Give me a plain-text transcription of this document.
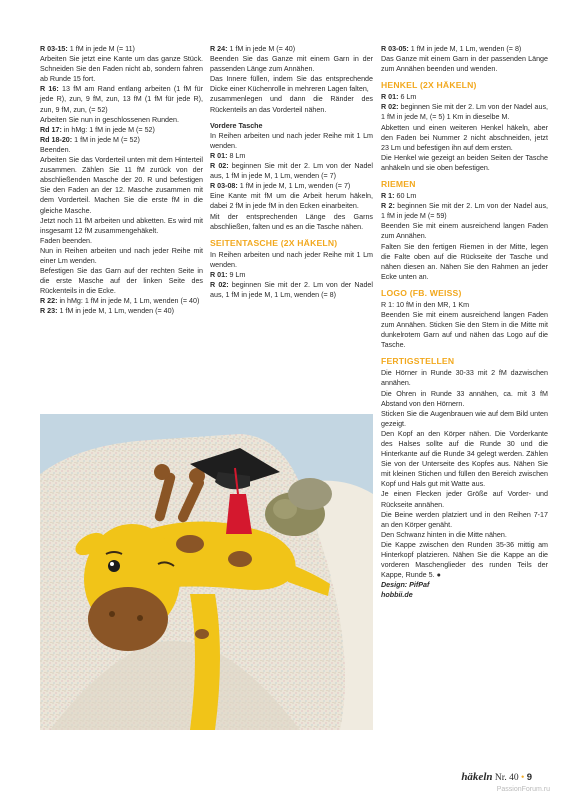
R 03-15: 1 fM in jede M (= 11)

Arbeiten Sie jetzt eine Kante um das ganze Stück. Schneiden Sie den Faden nicht ab, sondern fahren ab Runde 15 fort.

R 16: 13 fM am Rand entlang arbeiten (1 fM für jede R), zun, 9 fM, zun, 13 fM (1 fM für jede R), zun, 9 fM, zun, (= 52)

Arbeiten Sie nun in geschlossenen Runden.

Rd 17: in hMg: 1 fM in jede M (= 52)

Rd 18-20: 1 fM in jede M (= 52)

Beenden.

Arbeiten Sie das Vorderteil unten mit dem Hinterteil zusammen. Zählen Sie 11 fM zurück von der abschließenden Masche der 20. R und befestigen Sie den Faden an der 12. Masche zusammen mit dem Vorderteil. Machen Sie die erste fM in die gleiche Masche.

Jetzt noch 11 fM arbeiten und abketten. Es wird mit insgesamt 12 fM zusammengehäkelt.

Faden beenden.

Nun in Reihen arbeiten und nach jeder Reihe mit einer Lm wenden.

Befestigen Sie das Garn auf der rechten Seite in die erste Masche auf der linken Seite des Rückenteils in die Ecke.

R 22: in hMg: 1 fM in jede M, 1 Lm, wenden (= 40)

R 23: 1 fM in jede M, 1 Lm, wenden (= 40)

R 24: 1 fM in jede M (= 40)

Beenden Sie das Ganze mit einem Garn in der passenden Länge zum Annähen.

Das Innere füllen, indem Sie das entsprechende Dicke einer Küchenrolle in mehreren Lagen falten,

zusammenlegen und dann die Ränder des Rückenteils an das Vorderteil nähen.

Vordere Tasche

In Reihen arbeiten und nach jeder Reihe mit 1 Lm wenden.

R 01: 8 Lm

R 02: beginnen Sie mit der 2. Lm von der Nadel aus, 1 fM in jede M, 1 Lm, wenden (= 7)

R 03-08: 1 fM in jede M, 1 Lm, wenden (= 7)

Eine Kante mit fM um die Arbeit herum häkeln, dabei 2 fM in jede fM in den Ecken einarbeiten.

Mit der entsprechenden Länge des Garns abschließen, falten und es an die Tasche nähen.

SEITENTASCHE (2X HÄKELN)

In Reihen arbeiten und nach jeder Reihe mit 1 Lm wenden.

R 01: 9 Lm

R 02: beginnen Sie mit der 2. Lm von der Nadel aus, 1 fM in jede M, 1 Lm, wenden (= 8)

R 03-05: 1 fM in jede M, 1 Lm, wenden (= 8)

Das Ganze mit einem Garn in der passenden Länge zum Annähen beenden und wenden.

HENKEL (2X HÄKELN)

R 01: 6 Lm

R 02: beginnen Sie mit der 2. Lm von der Nadel aus, 1 fM in jede M, (= 5) 1 Km in dieselbe M.

Abketten und einen weiteren Henkel häkeln, aber den Faden bei Nummer 2 nicht abschneiden, jetzt 23 Lm und befestigen ihn auf dem ersten.

Die Henkel wie gezeigt an beiden Seiten der Tasche anhäkeln und sie oben befestigen.

RIEMEN

R 1: 60 Lm

R 2: beginnen Sie mit der 2. Lm von der Nadel aus, 1 fM in jede M (= 59)

Beenden Sie mit einem ausreichend langen Faden zum Annähen.

Falten Sie den fertigen Riemen in der Mitte, legen die Falte oben auf die Rückseite der Tasche und nähen diesen an. Nähen Sie den Rahmen an jeder Ecke unten an.

LOGO (FB. WEISS)

R 1: 10 fM in den MR, 1 Km

Beenden Sie mit einem ausreichend langen Faden zum Annähen. Sticken Sie den Stern in die Mitte mit dunkelrotem Garn auf und nähen das Logo auf die Tasche.

FERTIGSTELLEN

Die Hörner in Runde 30-33 mit 2 fM dazwischen annähen.

Die Ohren in Runde 33 annähen, ca. mit 3 fM Abstand von den Hörnern.

Sticken Sie die Augenbrauen wie auf dem Bild unten gezeigt.

Den Kopf an den Körper nähen. Die Vorderkante des Halses sollte auf die Runde 30 und die Hinterkante auf die Runde 34 gelegt werden. Zählen Sie von der Unterseite des Kopfes aus. Nähen Sie mit kleinen Stichen und füllen den Bereich zwischen Kopf und Hals gut mit Watte aus.

Je einen Flecken jeder Größe auf Vorder- und Rückseite annähen.

Die Beine werden platziert und in den Reihen 7-17 an den Körper genäht.

Den Schwanz hinten in die Mitte nähen.

Die Kappe zwischen den Runden 35-36 mittig am Hinterkopf platzieren. Nähen Sie die Kappe an die vorderen Maschenglieder des runden Teils der Kappe, Runde 5. ●

Design: PifPaf

hobbii.de

häkeln Nr. 40 • 9
PassionForum.ru
